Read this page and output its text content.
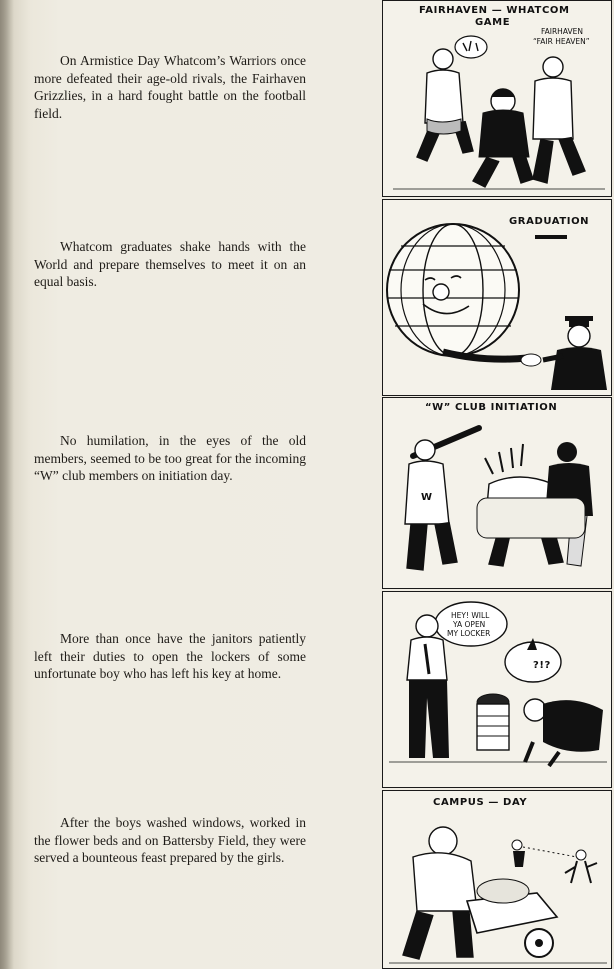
On Armistice Day Whatcom’s Warriors once more defeated their age-old rivals, the Fairhaven Grizzlies, in a hard fought battle on the football field.
Whatcom graduates shake hands with the World and prepare themselves to meet it on an equal basis.
No humilation, in the eyes of the old members, seemed to be too great for the incoming “W” club members on initiation day.
More than once have the janitors patiently left their duties to open the lockers of some unfortunate boy who has left his key at home.
After the boys washed windows, worked in the flower beds and on Battersby Field, they were served a bounteous feast prepared by the girls.
FAIRHAVEN — WHATCOM
GAME
FAIRHAVEN
“FAIR HEAVEN”
GRADUATION
“W” CLUB INITIATION
W
HEY! WILL
YA OPEN
MY LOCKER
?!?
CAMPUS — DAY
